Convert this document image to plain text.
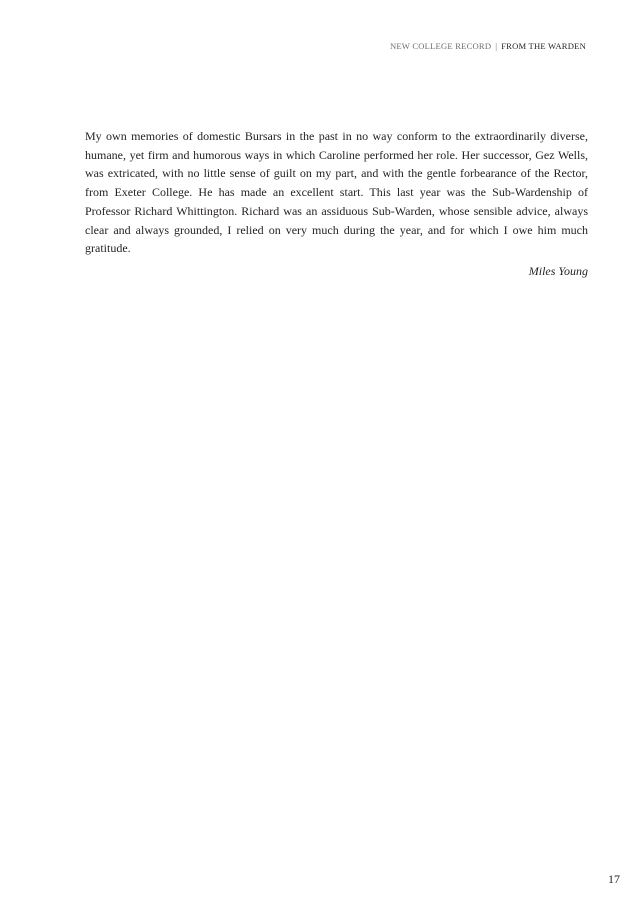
NEW COLLEGE RECORD | FROM THE WARDEN

My own memories of domestic Bursars in the past in no way conform to the extraordinarily diverse, humane, yet firm and humorous ways in which Caroline performed her role. Her successor, Gez Wells, was extricated, with no little sense of guilt on my part, and with the gentle forbearance of the Rector, from Exeter College. He has made an excellent start. This last year was the Sub-Wardenship of Professor Richard Whittington. Richard was an assiduous Sub-Warden, whose sensible advice, always clear and always grounded, I relied on very much during the year, and for which I owe him much gratitude.

Miles Young

17
